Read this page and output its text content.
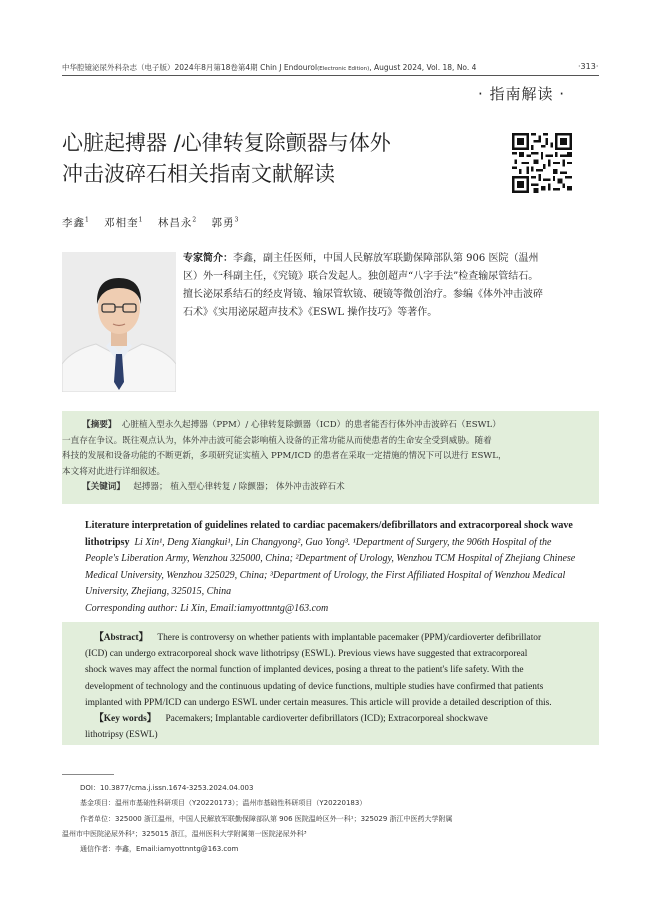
中华腔镜泌尿外科杂志（电子版）2024年8月第18卷第4期 Chin J Endourol(Electronic Edition), August 2024, Vol. 18, No. 4	·313·
· 指南解读 ·
心脏起搏器 /心律转复除颤器与体外
冲击波碎石相关指南文献解读
李鑫$^1$ 邓相奎$^1$ 林昌永$^2$ 郭勇$^3$
专家简介：李鑫，副主任医师，中国人民解放军联勤保障部队第 906 医院（温州
区）外一科副主任，《究镜》联合发起人。独创超声“八字手法”检查输尿管结石。
擅长泌尿系结石的经皮肾镜、输尿管软镜、硬镜等微创治疗。参编《体外冲击波碎
石术》《实用泌尿超声技术》《ESWL 操作技巧》等著作。
【摘要】 心脏植入型永久起搏器（PPM）/ 心律转复除颤器（ICD）的患者能否行体外冲击波碎石（ESWL）
一直存在争议。既往观点认为，体外冲击波可能会影响植入设备的正常功能从而使患者的生命安全受到威胁。随着
科技的发展和设备功能的不断更新，多项研究证实植入 PPM/ICD 的患者在采取一定措施的情况下可以进行 ESWL，
本文将对此进行详细叙述。
【关键词】 起搏器； 植入型心律转复 / 除颤器； 体外冲击波碎石术
Literature interpretation of guidelines related to cardiac pacemakers/defibrillators and extracorporeal shock wave
lithotripsy Li Xin¹, Deng Xiangkui¹, Lin Changyong², Guo Yong³. ¹Department of Surgery, the 906th Hospital of the
People's Liberation Army, Wenzhou 325000, China; ²Department of Urology, Wenzhou TCM Hospital of Zhejiang Chinese
Medical University, Wenzhou 325029, China; ³Department of Urology, the First Affiliated Hospital of Wenzhou Medical
University, Zhejiang, 325015, China
Corresponding author: Li Xin, Email:iamyottnntg@163.com
【Abstract】 There is controversy on whether patients with implantable pacemaker (PPM)/cardioverter defibrillator
(ICD) can undergo extracorporeal shock wave lithotripsy (ESWL). Previous views have suggested that extracorporeal
shock waves may affect the normal function of implanted devices, posing a threat to the patient's life safety. With the
development of technology and the continuous updating of device functions, multiple studies have confirmed that patients
implanted with PPM/ICD can undergo ESWL under certain measures. This article will provide a detailed description of this.
【Key words】 Pacemakers; Implantable cardioverter defibrillators (ICD); Extracorporeal shockwave
lithotripsy (ESWL)
DOI：10.3877/cma.j.issn.1674-3253.2024.04.003
基金项目：温州市基础性科研项目（Y20220173）；温州市基础性科研项目（Y20220183）
作者单位：325000 浙江温州，中国人民解放军联勤保障部队第 906 医院温岭区外一科¹；325029 浙江中医药大学附属
温州市中医院泌尿外科²；325015 浙江，温州医科大学附属第一医院泌尿外科³
通信作者：李鑫，Email:iamyottnntg@163.com
